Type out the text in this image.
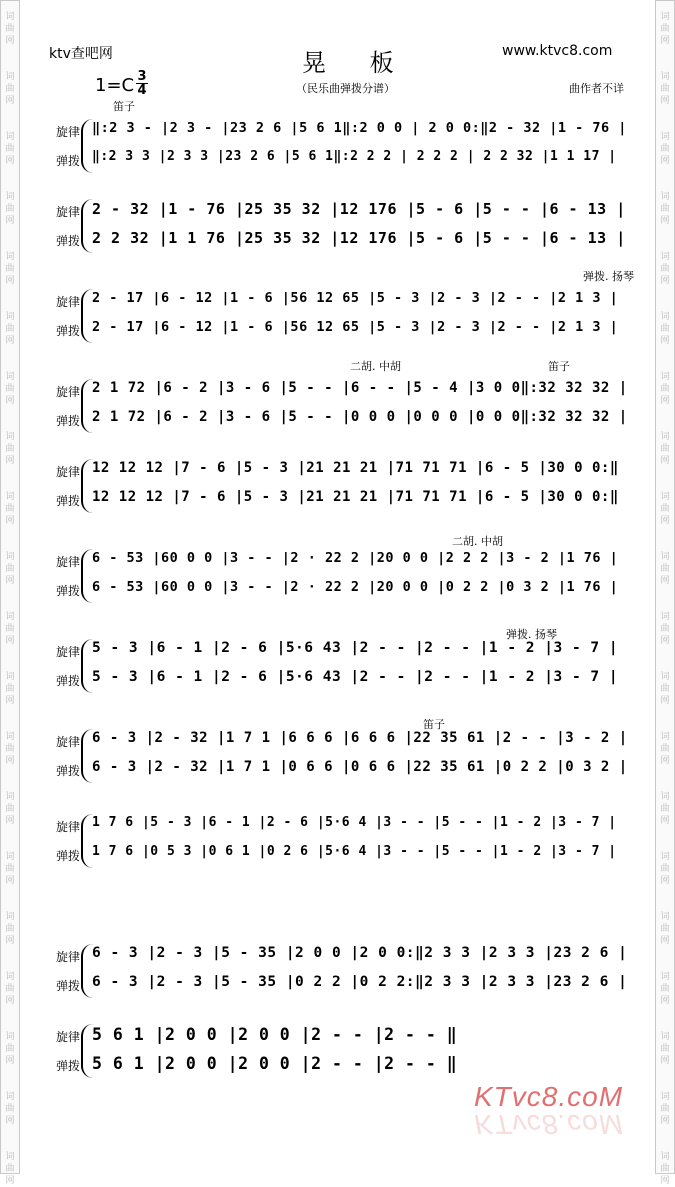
词曲网
词曲网
词曲网
词曲网
词曲网
词曲网
词曲网
词曲网
词曲网
词曲网
词曲网
词曲网
词曲网
词曲网
词曲网
词曲网
词曲网
词曲网
词曲网
词曲网
词曲网
词曲网
词曲网
词曲网
词曲网
词曲网
词曲网
词曲网
词曲网
词曲网
词曲网
词曲网
词曲网
词曲网
词曲网
词曲网
词曲网
词曲网
词曲网
词曲网
ktv查吧网	晃 板	www.ktvc8.com
1=C 3
4	（民乐曲弹拨分谱）	曲作者不详
笛子
弹拨. 扬琴
二胡. 中胡	笛子
二胡. 中胡
弹拨. 扬琴
笛子
旋律
弹拨
‖:2 3 - |2 3 - |23 2 6 |5 6 1‖:2 0 0 | 2 0 0:‖2 - 32 |1 - 76 |
‖:2 3 3 |2 3 3 |23 2 6 |5 6 1‖:2 2 2 | 2 2 2 | 2 2 32 |1 1 17 |
旋律
弹拨
2 - 32 |1 - 76 |25 35 32 |12 176 |5 - 6 |5 - - |6 - 13 |
2 2 32 |1 1 76 |25 35 32 |12 176 |5 - 6 |5 - - |6 - 13 |
旋律
弹拨
2 - 17 |6 - 12 |1 - 6 |56 12 65 |5 - 3 |2 - 3 |2 - - |2 1 3 |
2 - 17 |6 - 12 |1 - 6 |56 12 65 |5 - 3 |2 - 3 |2 - - |2 1 3 |
旋律
弹拨
2 1 72 |6 - 2 |3 - 6 |5 - - |6 - - |5 - 4 |3 0 0‖:32 32 32 |
2 1 72 |6 - 2 |3 - 6 |5 - - |0 0 0 |0 0 0 |0 0 0‖:32 32 32 |
旋律
弹拨
12 12 12 |7 - 6 |5 - 3 |21 21 21 |71 71 71 |6 - 5 |30 0 0:‖
12 12 12 |7 - 6 |5 - 3 |21 21 21 |71 71 71 |6 - 5 |30 0 0:‖
旋律
弹拨
6 - 53 |60 0 0 |3 - - |2 · 22 2 |20 0 0 |2 2 2 |3 - 2 |1 76 |
6 - 53 |60 0 0 |3 - - |2 · 22 2 |20 0 0 |0 2 2 |0 3 2 |1 76 |
旋律
弹拨
5 - 3 |6 - 1 |2 - 6 |5·6 43 |2 - - |2 - - |1 - 2 |3 - 7 |
5 - 3 |6 - 1 |2 - 6 |5·6 43 |2 - - |2 - - |1 - 2 |3 - 7 |
旋律
弹拨
6 - 3 |2 - 32 |1 7 1 |6 6 6 |6 6 6 |22 35 61 |2 - - |3 - 2 |
6 - 3 |2 - 32 |1 7 1 |0 6 6 |0 6 6 |22 35 61 |0 2 2 |0 3 2 |
旋律
弹拨
1 7 6 |5 - 3 |6 - 1 |2 - 6 |5·6 4 |3 - - |5 - - |1 - 2 |3 - 7 |
1 7 6 |0 5 3 |0 6 1 |0 2 6 |5·6 4 |3 - - |5 - - |1 - 2 |3 - 7 |
旋律
弹拨
6 - 3 |2 - 3 |5 - 35 |2 0 0 |2 0 0:‖2 3 3 |2 3 3 |23 2 6 |
6 - 3 |2 - 3 |5 - 35 |0 2 2 |0 2 2:‖2 3 3 |2 3 3 |23 2 6 |
旋律
弹拨
5 6 1 |2 0 0 |2 0 0 |2 - - |2 - - ‖
5 6 1 |2 0 0 |2 0 0 |2 - - |2 - - ‖
KTvc8.coM
KTvc8.coM
